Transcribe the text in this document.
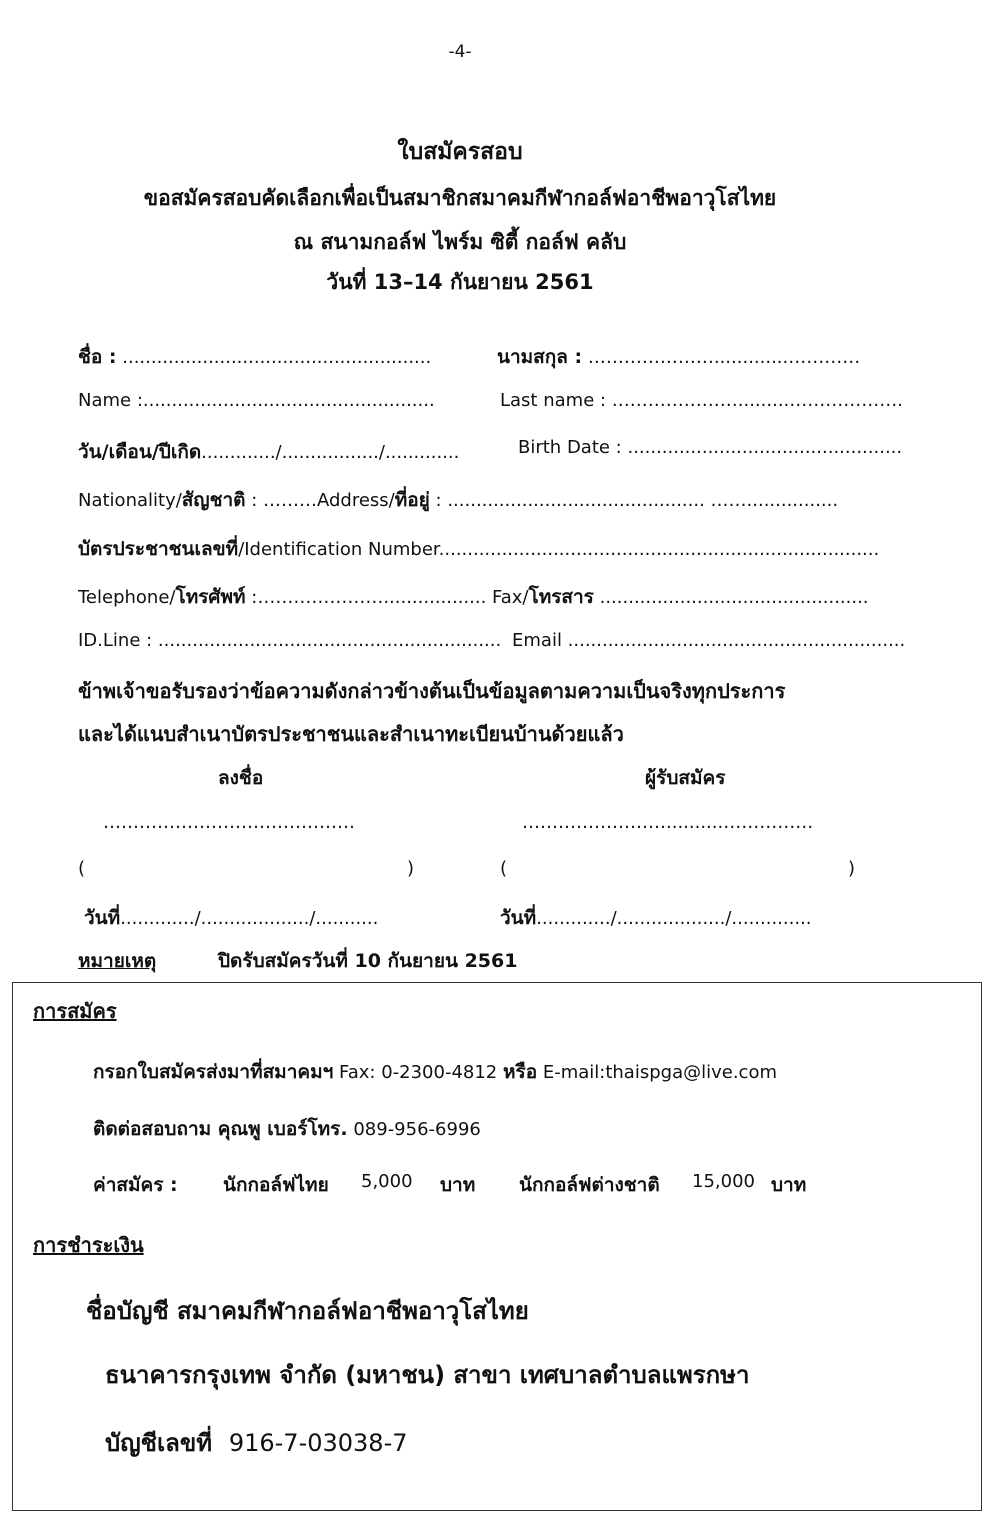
-4-
ใบสมัครสอบ
ขอสมัครสอบคัดเลือกเพื่อเป็นสมาชิกสมาคมกีฬากอล์ฟอาชีพอาวุโสไทย
ณ สนามกอล์ฟ ไพร์ม ซิตี้ กอล์ฟ คลับ
วันที่ 13–14 กันยายน 2561
ชื่อ : ......................................................	นามสกุล : ………………….............…………
Name :...................................................	Last name : ………………….........……………….
วัน/เดือน/ปีเกิด............./................./.............	Birth Date : ................................................
Nationality/สัญชาติ : ………Address/ที่อยู่ : ............................................. ……................
บัตรประชาชนเลขที่/Identification Number.............................................................................
Telephone/โทรศัพท์ :………………….................. Fax/โทรสาร ...............................................
ID.Line : ............................................................ Email ...........................................................
ข้าพเจ้าขอรับรองว่าข้อความดังกล่าวข้างต้นเป็นข้อมูลตามความเป็นจริงทุกประการ
และได้แนบสำเนาบัตรประชาชนและสำเนาทะเบียนบ้านด้วยแล้ว
ลงชื่อ	ผู้รับสมัคร
……………………………………	……………………..........……………
(	)	(	)
วันที่............./.................../...........	วันที่............./.................../..............
หมายเหตุ	ปิดรับสมัครวันที่ 10 กันยายน 2561
การสมัคร
กรอกใบสมัครส่งมาที่สมาคมฯ Fax: 0-2300-4812 หรือ E-mail:thaispga@live.com
ติดต่อสอบถาม คุณพู เบอร์โทร. 089-956-6996
ค่าสมัคร : นักกอล์ฟไทย 5,000 บาท นักกอล์ฟต่างชาติ 15,000 บาท
การชำระเงิน
ชื่อบัญชี สมาคมกีฬากอล์ฟอาชีพอาวุโสไทย
ธนาคารกรุงเทพ จำกัด (มหาชน) สาขา เทศบาลตำบลแพรกษา
บัญชีเลขที่ 916-7-03038-7
